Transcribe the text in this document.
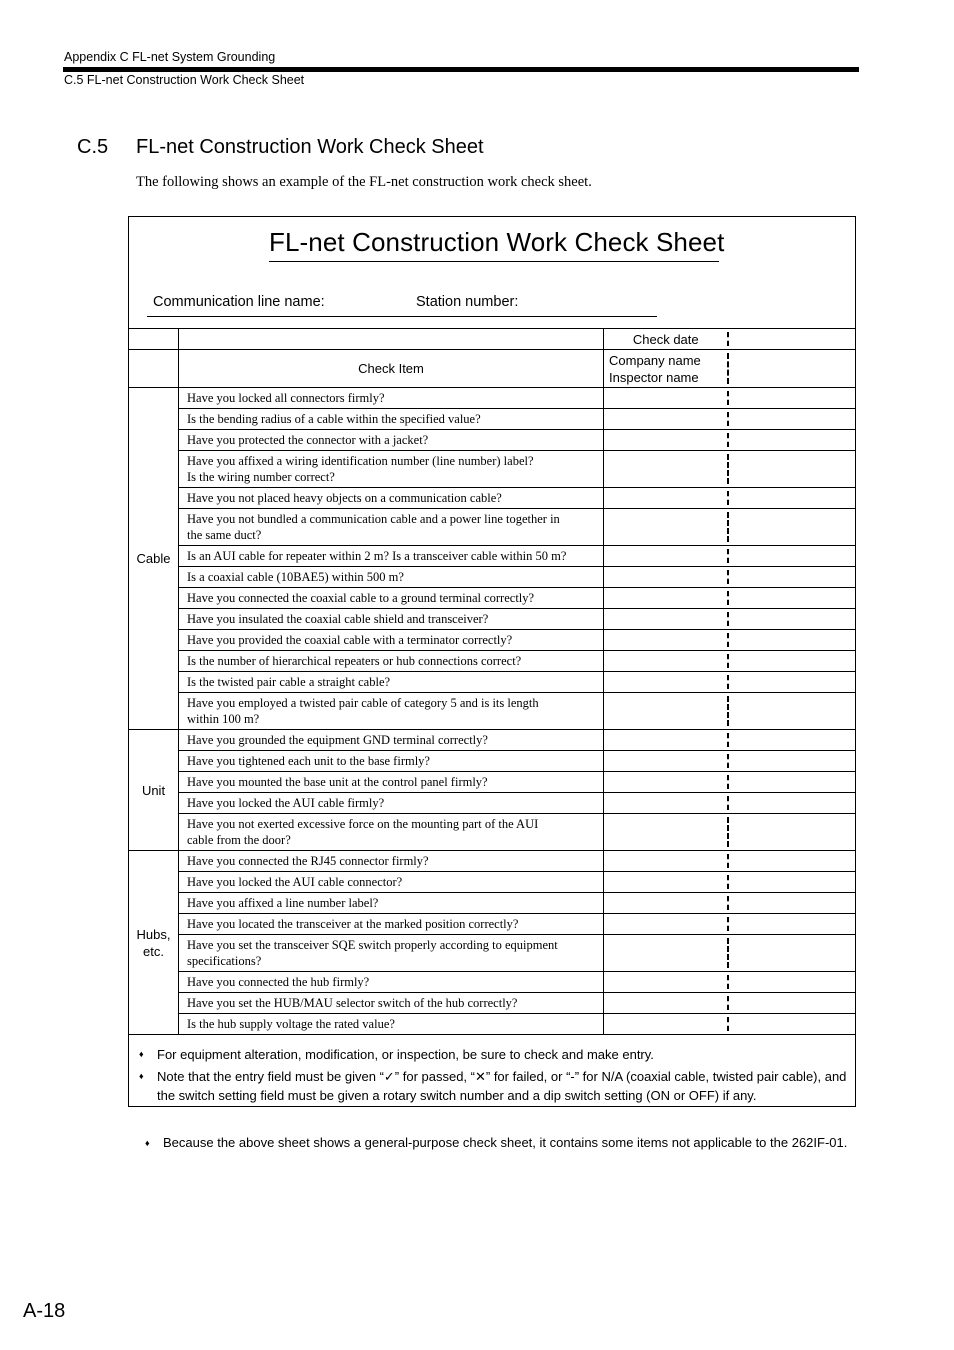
Appendix C FL-net System Grounding
C.5 FL-net Construction Work Check Sheet
C.5 FL-net Construction Work Check Sheet
The following shows an example of the FL-net construction work check sheet.
FL-net Construction Work Check Sheet
Communication line name:	Station number:
		Check date	

	Check Item	Company name
Inspector name	

Cable	Have you locked all connectors firmly?		

	Is the bending radius of a cable within the specified value?		

	Have you protected the connector with a jacket?		

	Have you affixed a wiring identification number (line number) label?
Is the wiring number correct?		

	Have you not placed heavy objects on a communication cable?		

	Have you not bundled a communication cable and a power line together in
the same duct?		

	Is an AUI cable for repeater within 2 m? Is a transceiver cable within 50 m?		

	Is a coaxial cable (10BAE5) within 500 m?		

	Have you connected the coaxial cable to a ground terminal correctly?		

	Have you insulated the coaxial cable shield and transceiver?		

	Have you provided the coaxial cable with a terminator correctly?		

	Is the number of hierarchical repeaters or hub connections correct?		

	Is the twisted pair cable a straight cable?		

	Have you employed a twisted pair cable of category 5 and is its length
within 100 m?		

Unit	Have you grounded the equipment GND terminal correctly?		

	Have you tightened each unit to the base firmly?		

	Have you mounted the base unit at the control panel firmly?		

	Have you locked the AUI cable firmly?		

	Have you not exerted excessive force on the mounting part of the AUI
cable from the door?		

Hubs,
etc.	Have you connected the RJ45 connector firmly?		

	Have you locked the AUI cable connector?		

	Have you affixed a line number label?		

	Have you located the transceiver at the marked position correctly?		

	Have you set the transceiver SQE switch properly according to equipment
specifications?		

	Have you connected the hub firmly?		

	Have you set the HUB/MAU selector switch of the hub correctly?		

	Is the hub supply voltage the rated value?		

♦ For equipment alteration, modification, or inspection, be sure to check and make entry.
♦ Note that the entry field must be given “✓” for passed, “✕” for failed, or “-” for N/A (coaxial cable, twisted pair cable), and the switch setting field must be given a rotary switch number and a dip switch setting (ON or OFF) if any.
♦ Because the above sheet shows a general-purpose check sheet, it contains some items not applicable to the 262IF-01.
A-18
